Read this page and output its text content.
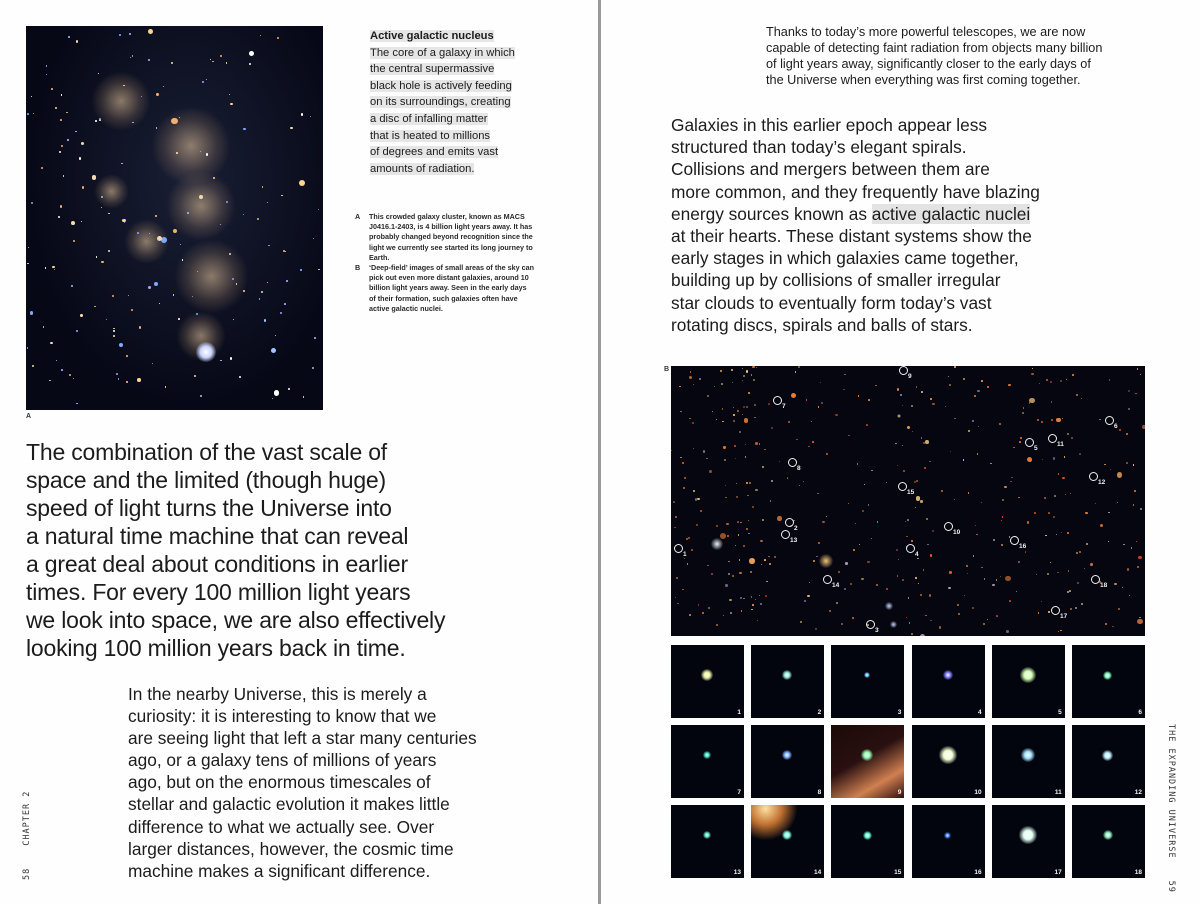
A
Active galactic nucleus
The core of a galaxy in which
the central supermassive
black hole is actively feeding
on its surroundings, creating
a disc of infalling matter
that is heated to millions
of degrees and emits vast
amounts of radiation.
A	This crowded galaxy cluster, known as MACS J0416.1-2403, is 4 billion light years away. It has probably changed beyond recognition since the light we currently see started its long journey to Earth.
B	‘Deep-field’ images of small areas of the sky can pick out even more distant galaxies, around 10 billion light years away. Seen in the early days of their formation, such galaxies often have active galactic nuclei.
The combination of the vast scale of
space and the limited (though huge)
speed of light turns the Universe into
a natural time machine that can reveal
a great deal about conditions in earlier
times. For every 100 million light years
we look into space, we are also effectively
looking 100 million years back in time.
In the nearby Universe, this is merely a
curiosity: it is interesting to know that we
are seeing light that left a star many centuries
ago, or a galaxy tens of millions of years
ago, but on the enormous timescales of
stellar and galactic evolution it makes little
difference to what we actually see. Over
larger distances, however, the cosmic time
machine makes a significant difference.
58CHAPTER 2
Thanks to today’s more powerful telescopes, we are now
capable of detecting faint radiation from objects many billion
of light years away, significantly closer to the early days of
the Universe when everything was first coming together.
Galaxies in this earlier epoch appear less
structured than today’s elegant spirals.
Collisions and mergers between them are
more common, and they frequently have blazing
energy sources known as active galactic nuclei
at their hearts. These distant systems show the
early stages in which galaxies came together,
building up by collisions of smaller irregular
star clouds to eventually form today’s vast
rotating discs, spirals and balls of stars.
B
1
2
3
4
5
6
7
8
9
10
11
12
13
14
15
16
17
18
1	2	3	4	5	6
7	8	9	10	11	12
13	14	15	16	17	18
THE EXPANDING UNIVERSE59
